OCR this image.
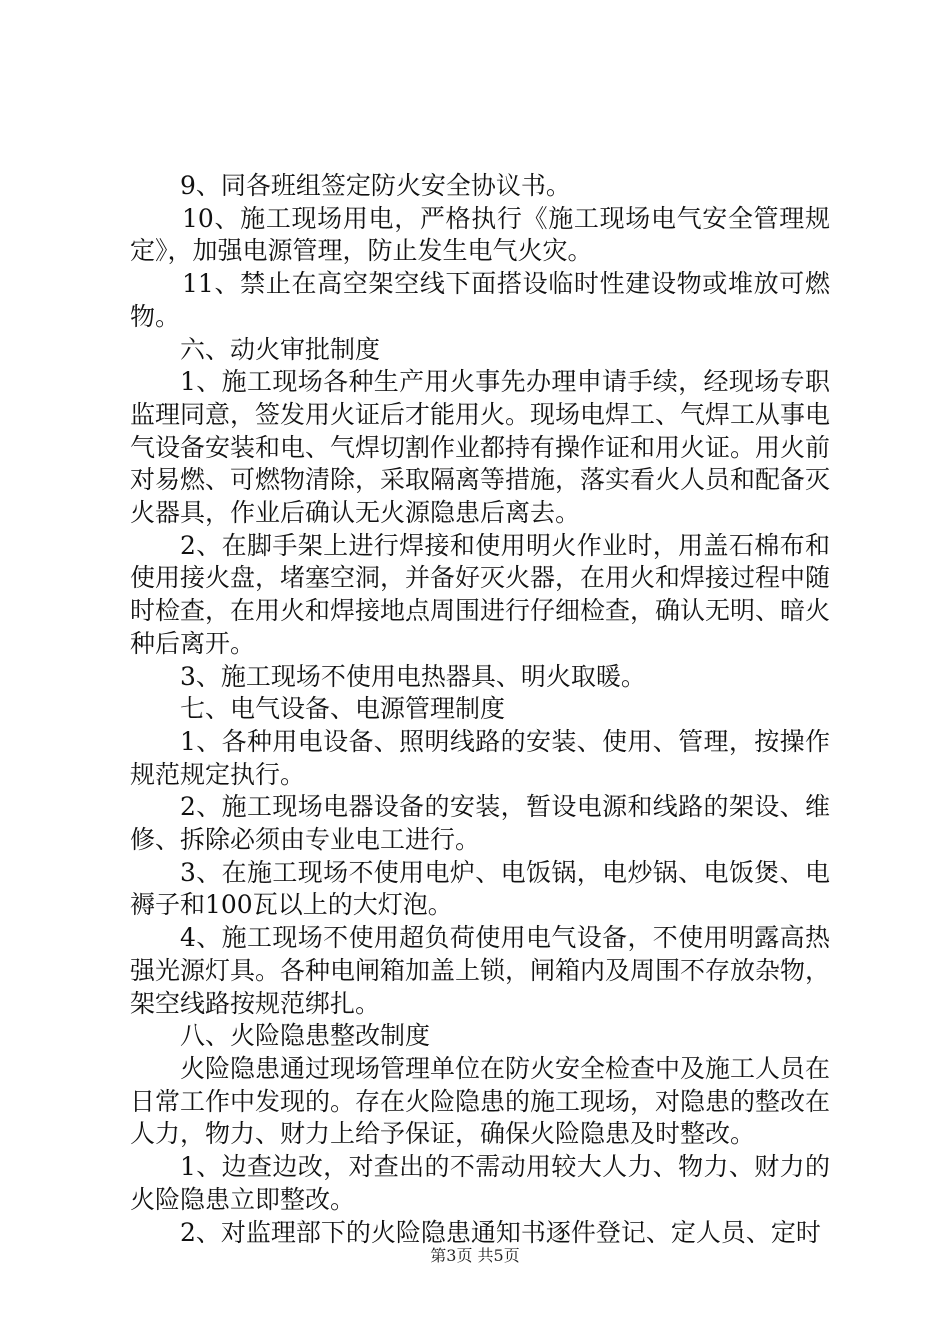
9、同各班组签定防火安全协议书。

10、施工现场用电，严格执行《施工现场电气安全管理规定》，加强电源管理，防止发生电气火灾。

11、禁止在高空架空线下面搭设临时性建设物或堆放可燃物。

六、动火审批制度

1、施工现场各种生产用火事先办理申请手续，经现场专职监理同意，签发用火证后才能用火。现场电焊工、气焊工从事电气设备安装和电、气焊切割作业都持有操作证和用火证。用火前对易燃、可燃物清除，采取隔离等措施，落实看火人员和配备灭火器具，作业后确认无火源隐患后离去。

2、在脚手架上进行焊接和使用明火作业时，用盖石棉布和使用接火盘，堵塞空洞，并备好灭火器，在用火和焊接过程中随时检查，在用火和焊接地点周围进行仔细检查，确认无明、暗火种后离开。

3、施工现场不使用电热器具、明火取暖。

七、电气设备、电源管理制度

1、各种用电设备、照明线路的安装、使用、管理，按操作规范规定执行。

2、施工现场电器设备的安装，暂设电源和线路的架设、维修、拆除必须由专业电工进行。

3、在施工现场不使用电炉、电饭锅，电炒锅、电饭煲、电褥子和100瓦以上的大灯泡。

4、施工现场不使用超负荷使用电气设备，不使用明露高热强光源灯具。各种电闸箱加盖上锁，闸箱内及周围不存放杂物，架空线路按规范绑扎。

八、火险隐患整改制度

火险隐患通过现场管理单位在防火安全检查中及施工人员在日常工作中发现的。存在火险隐患的施工现场，对隐患的整改在人力，物力、财力上给予保证，确保火险隐患及时整改。

1、边查边改，对查出的不需动用较大人力、物力、财力的火险隐患立即整改。

2、对监理部下的火险隐患通知书逐件登记、定人员、定时

第3页 共5页
